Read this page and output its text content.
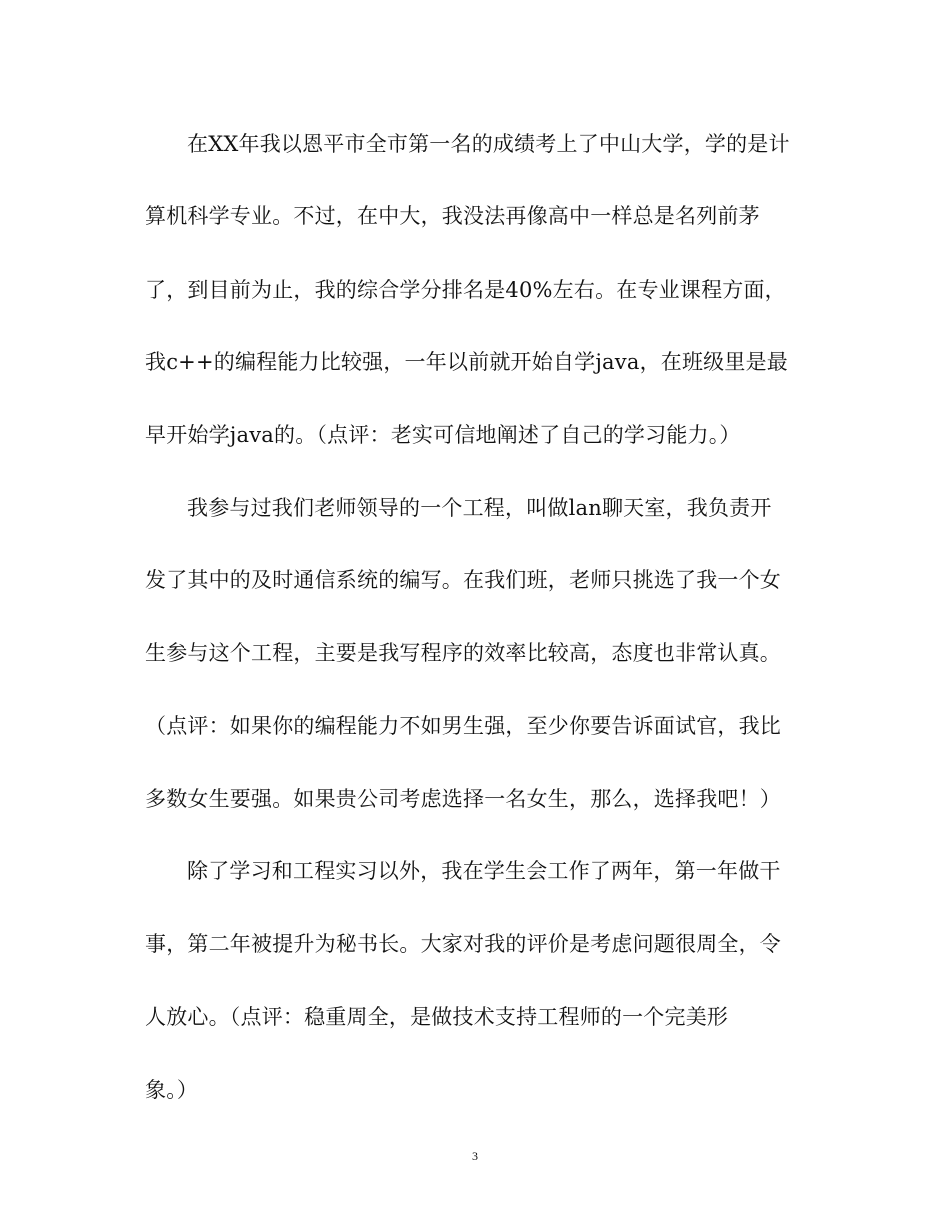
在XX年我以恩平市全市第一名的成绩考上了中山大学，学的是计
算机科学专业。不过，在中大，我没法再像高中一样总是名列前茅
了，到目前为止，我的综合学分排名是40%左右。在专业课程方面，
我c++的编程能力比较强，一年以前就开始自学java，在班级里是最
早开始学java的。（点评：老实可信地阐述了自己的学习能力。）
我参与过我们老师领导的一个工程，叫做lan聊天室，我负责开
发了其中的及时通信系统的编写。在我们班，老师只挑选了我一个女
生参与这个工程，主要是我写程序的效率比较高，态度也非常认真。
（点评：如果你的编程能力不如男生强，至少你要告诉面试官，我比
多数女生要强。如果贵公司考虑选择一名女生，那么，选择我吧！）
除了学习和工程实习以外，我在学生会工作了两年，第一年做干
事，第二年被提升为秘书长。大家对我的评价是考虑问题很周全，令
人放心。（点评：稳重周全，是做技术支持工程师的一个完美形
象。）
3
